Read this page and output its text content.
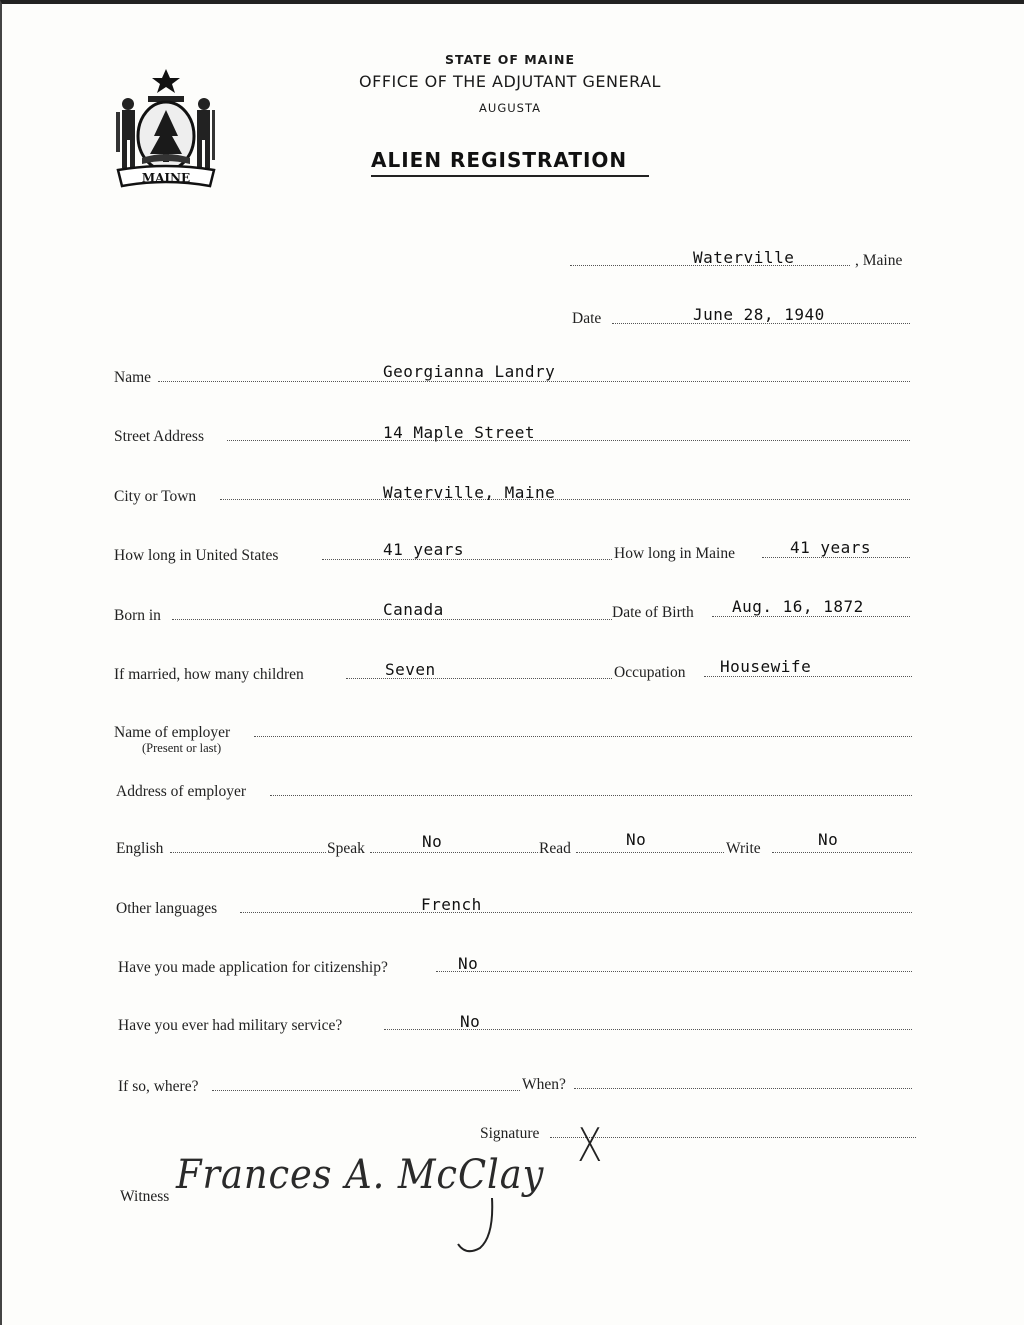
MAINE
STATE OF MAINE
OFFICE OF THE ADJUTANT GENERAL
AUGUSTA
ALIEN REGISTRATION
Waterville	, Maine
Date	June 28, 1940
Name	Georgianna Landry
Street Address	14 Maple Street
City or Town	Waterville, Maine
How long in United States	41 years	How long in Maine	41 years
Born in	Canada	Date of Birth Aug. 16, 1872
If married, how many children	Seven	Occupation Housewife
Name of employer
(Present or last)
Address of employer
English	Speak	No	Read	No	Write	No
Other languages	French
Have you made application for citizenship?	No
Have you ever had military service?	No
If so, where?	When?
Signature X
Witness Frances A. McClay
